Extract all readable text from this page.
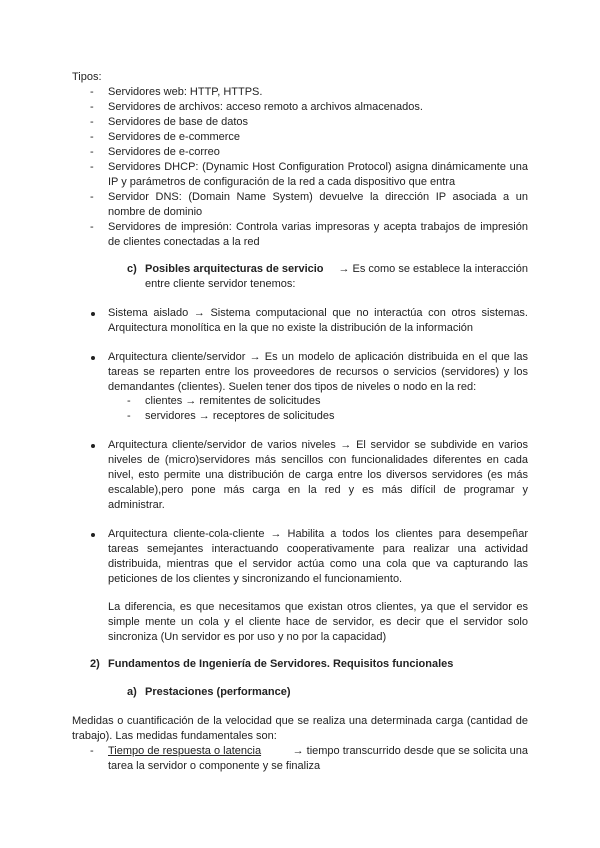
Tipos:
- Servidores web: HTTP, HTTPS.
- Servidores de archivos: acceso remoto a archivos almacenados.
- Servidores de base de datos
- Servidores de e-commerce
- Servidores de e-correo
- Servidores DHCP: (Dynamic Host Configuration Protocol) asigna dinámicamente una
IP y parámetros de configuración de la red a cada dispositivo que entra
- Servidor DNS: (Domain Name System) devuelve la dirección IP asociada a un
nombre de dominio
- Servidores de impresión: Controla varias impresoras y acepta trabajos de impresión
de clientes conectadas a la red
c) Posibles arquitecturas de servicio → Es como se establece la interacción
entre cliente servidor tenemos:
Sistema aislado → Sistema computacional que no interactúa con otros sistemas.
Arquitectura monolítica en la que no existe la distribución de la información
Arquitectura cliente/servidor → Es un modelo de aplicación distribuida en el que las
tareas se reparten entre los proveedores de recursos o servicios (servidores) y los
demandantes (clientes). Suelen tener dos tipos de niveles o nodo en la red:
- clientes → remitentes de solicitudes
- servidores → receptores de solicitudes
Arquitectura cliente/servidor de varios niveles → El servidor se subdivide en varios
niveles de (micro)servidores más sencillos con funcionalidades diferentes en cada
nivel, esto permite una distribución de carga entre los diversos servidores (es más
escalable),pero pone más carga en la red y es más difícil de programar y
administrar.
Arquitectura cliente-cola-cliente → Habilita a todos los clientes para desempeñar
tareas semejantes interactuando cooperativamente para realizar una actividad
distribuida, mientras que el servidor actúa como una cola que va capturando las
peticiones de los clientes y sincronizando el funcionamiento.
La diferencia, es que necesitamos que existan otros clientes, ya que el servidor es
simple mente un cola y el cliente hace de servidor, es decir que el servidor solo
sincroniza (Un servidor es por uso y no por la capacidad)
2) Fundamentos de Ingeniería de Servidores. Requisitos funcionales
a) Prestaciones (performance)
Medidas o cuantificación de la velocidad que se realiza una determinada carga (cantidad de
trabajo). Las medidas fundamentales son:
- Tiempo de respuesta o latencia	→ tiempo transcurrido desde que se solicita una
tarea la servidor o componente y se finaliza
